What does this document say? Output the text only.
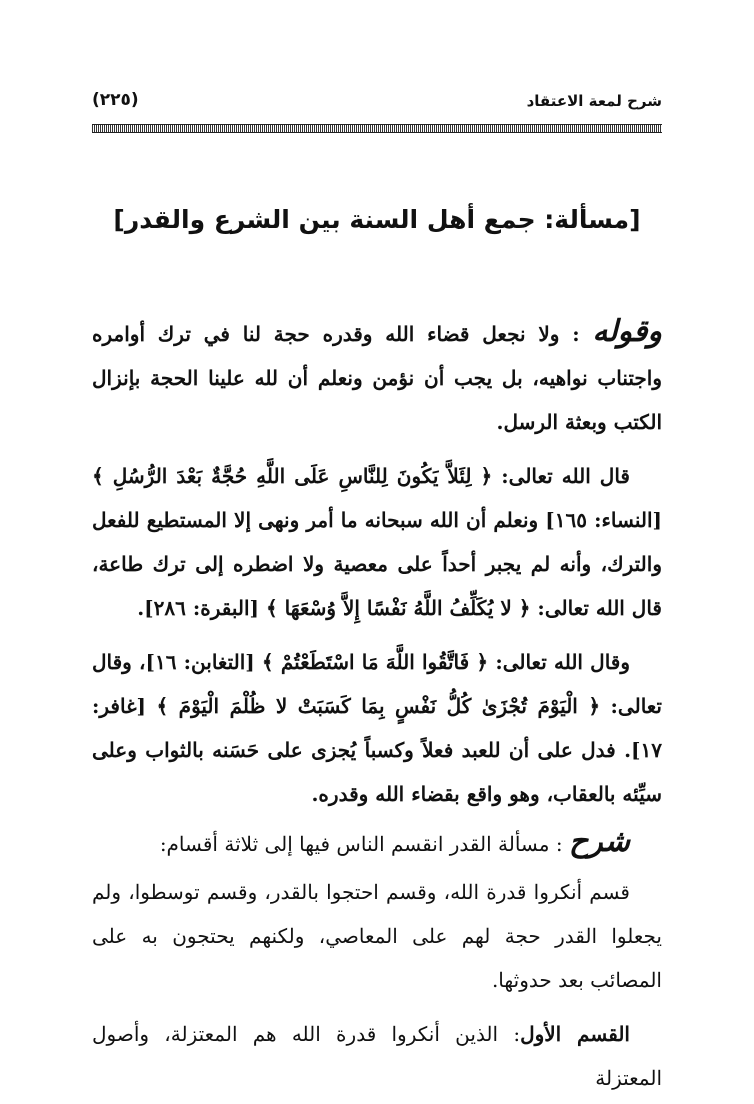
شرح لمعة الاعتقاد
(٢٢٥)
[مسألة: جمع أهل السنة بين الشرع والقدر]

وقوله : ولا نجعل قضاء الله وقدره حجة لنا في ترك أوامره واجتناب نواهيه، بل يجب أن نؤمن ونعلم أن لله علينا الحجة بإنزال الكتب وبعثة الرسل.

قال الله تعالى: ﴿ لِئَلاَّ يَكُونَ لِلنَّاسِ عَلَى اللَّهِ حُجَّةٌ بَعْدَ الرُّسُلِ ﴾ [النساء: ١٦٥] ونعلم أن الله سبحانه ما أمر ونهى إلا المستطيع للفعل والترك، وأنه لم يجبر أحداً على معصية ولا اضطره إلى ترك طاعة، قال الله تعالى: ﴿ لا يُكَلِّفُ اللَّهُ نَفْسًا إِلاَّ وُسْعَهَا ﴾ [البقرة: ٢٨٦].

وقال الله تعالى: ﴿ فَاتَّقُوا اللَّهَ مَا اسْتَطَعْتُمْ ﴾ [التغابن: ١٦]، وقال تعالى: ﴿ الْيَوْمَ تُجْزَىٰ كُلُّ نَفْسٍ بِمَا كَسَبَتْ لا ظُلْمَ الْيَوْمَ ﴾ [غافر: ١٧]. فدل على أن للعبد فعلاً وكسباً يُجزى على حَسَنه بالثواب وعلى سيِّئه بالعقاب، وهو واقع بقضاء الله وقدره.

شرح : مسألة القدر انقسم الناس فيها إلى ثلاثة أقسام:

قسم أنكروا قدرة الله، وقسم احتجوا بالقدر، وقسم توسطوا، ولم يجعلوا القدر حجة لهم على المعاصي، ولكنهم يحتجون به على المصائب بعد حدوثها.

القسم الأول: الذين أنكروا قدرة الله هم المعتزلة، وأصول المعتزلة
